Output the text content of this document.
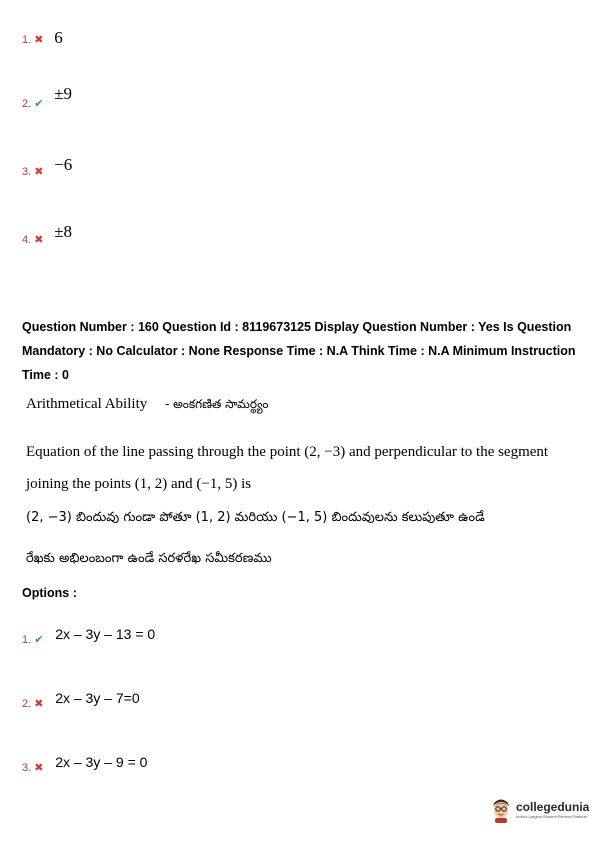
1. ✖ 6
2. ✔
±9
3. ✖ −6
4. ✖ ±8
Question Number : 160 Question Id : 8119673125 Display Question Number : Yes Is Question
Mandatory : No Calculator : None Response Time : N.A Think Time : N.A Minimum Instruction
Time : 0
Arithmetical Ability - అంకగణిత సామర్థ్యం
Equation of the line passing through the point (2, −3) and perpendicular to the segment
joining the points (1, 2) and (−1, 5) is
(2, −3) బిందువు గుండా పోతూ (1, 2) మరియు (−1, 5) బిందువులను కలుపుతూ ఉండే
రేఖకు అభిలంబంగా ఉండే సరళరేఖ సమీకరణము
Options :
1. ✔ 2x – 3y – 13 = 0
2. ✖ 2x – 3y – 7=0
3. ✖ 2x – 3y – 9 = 0
collegedunia
India's Largest Student Review Platform
